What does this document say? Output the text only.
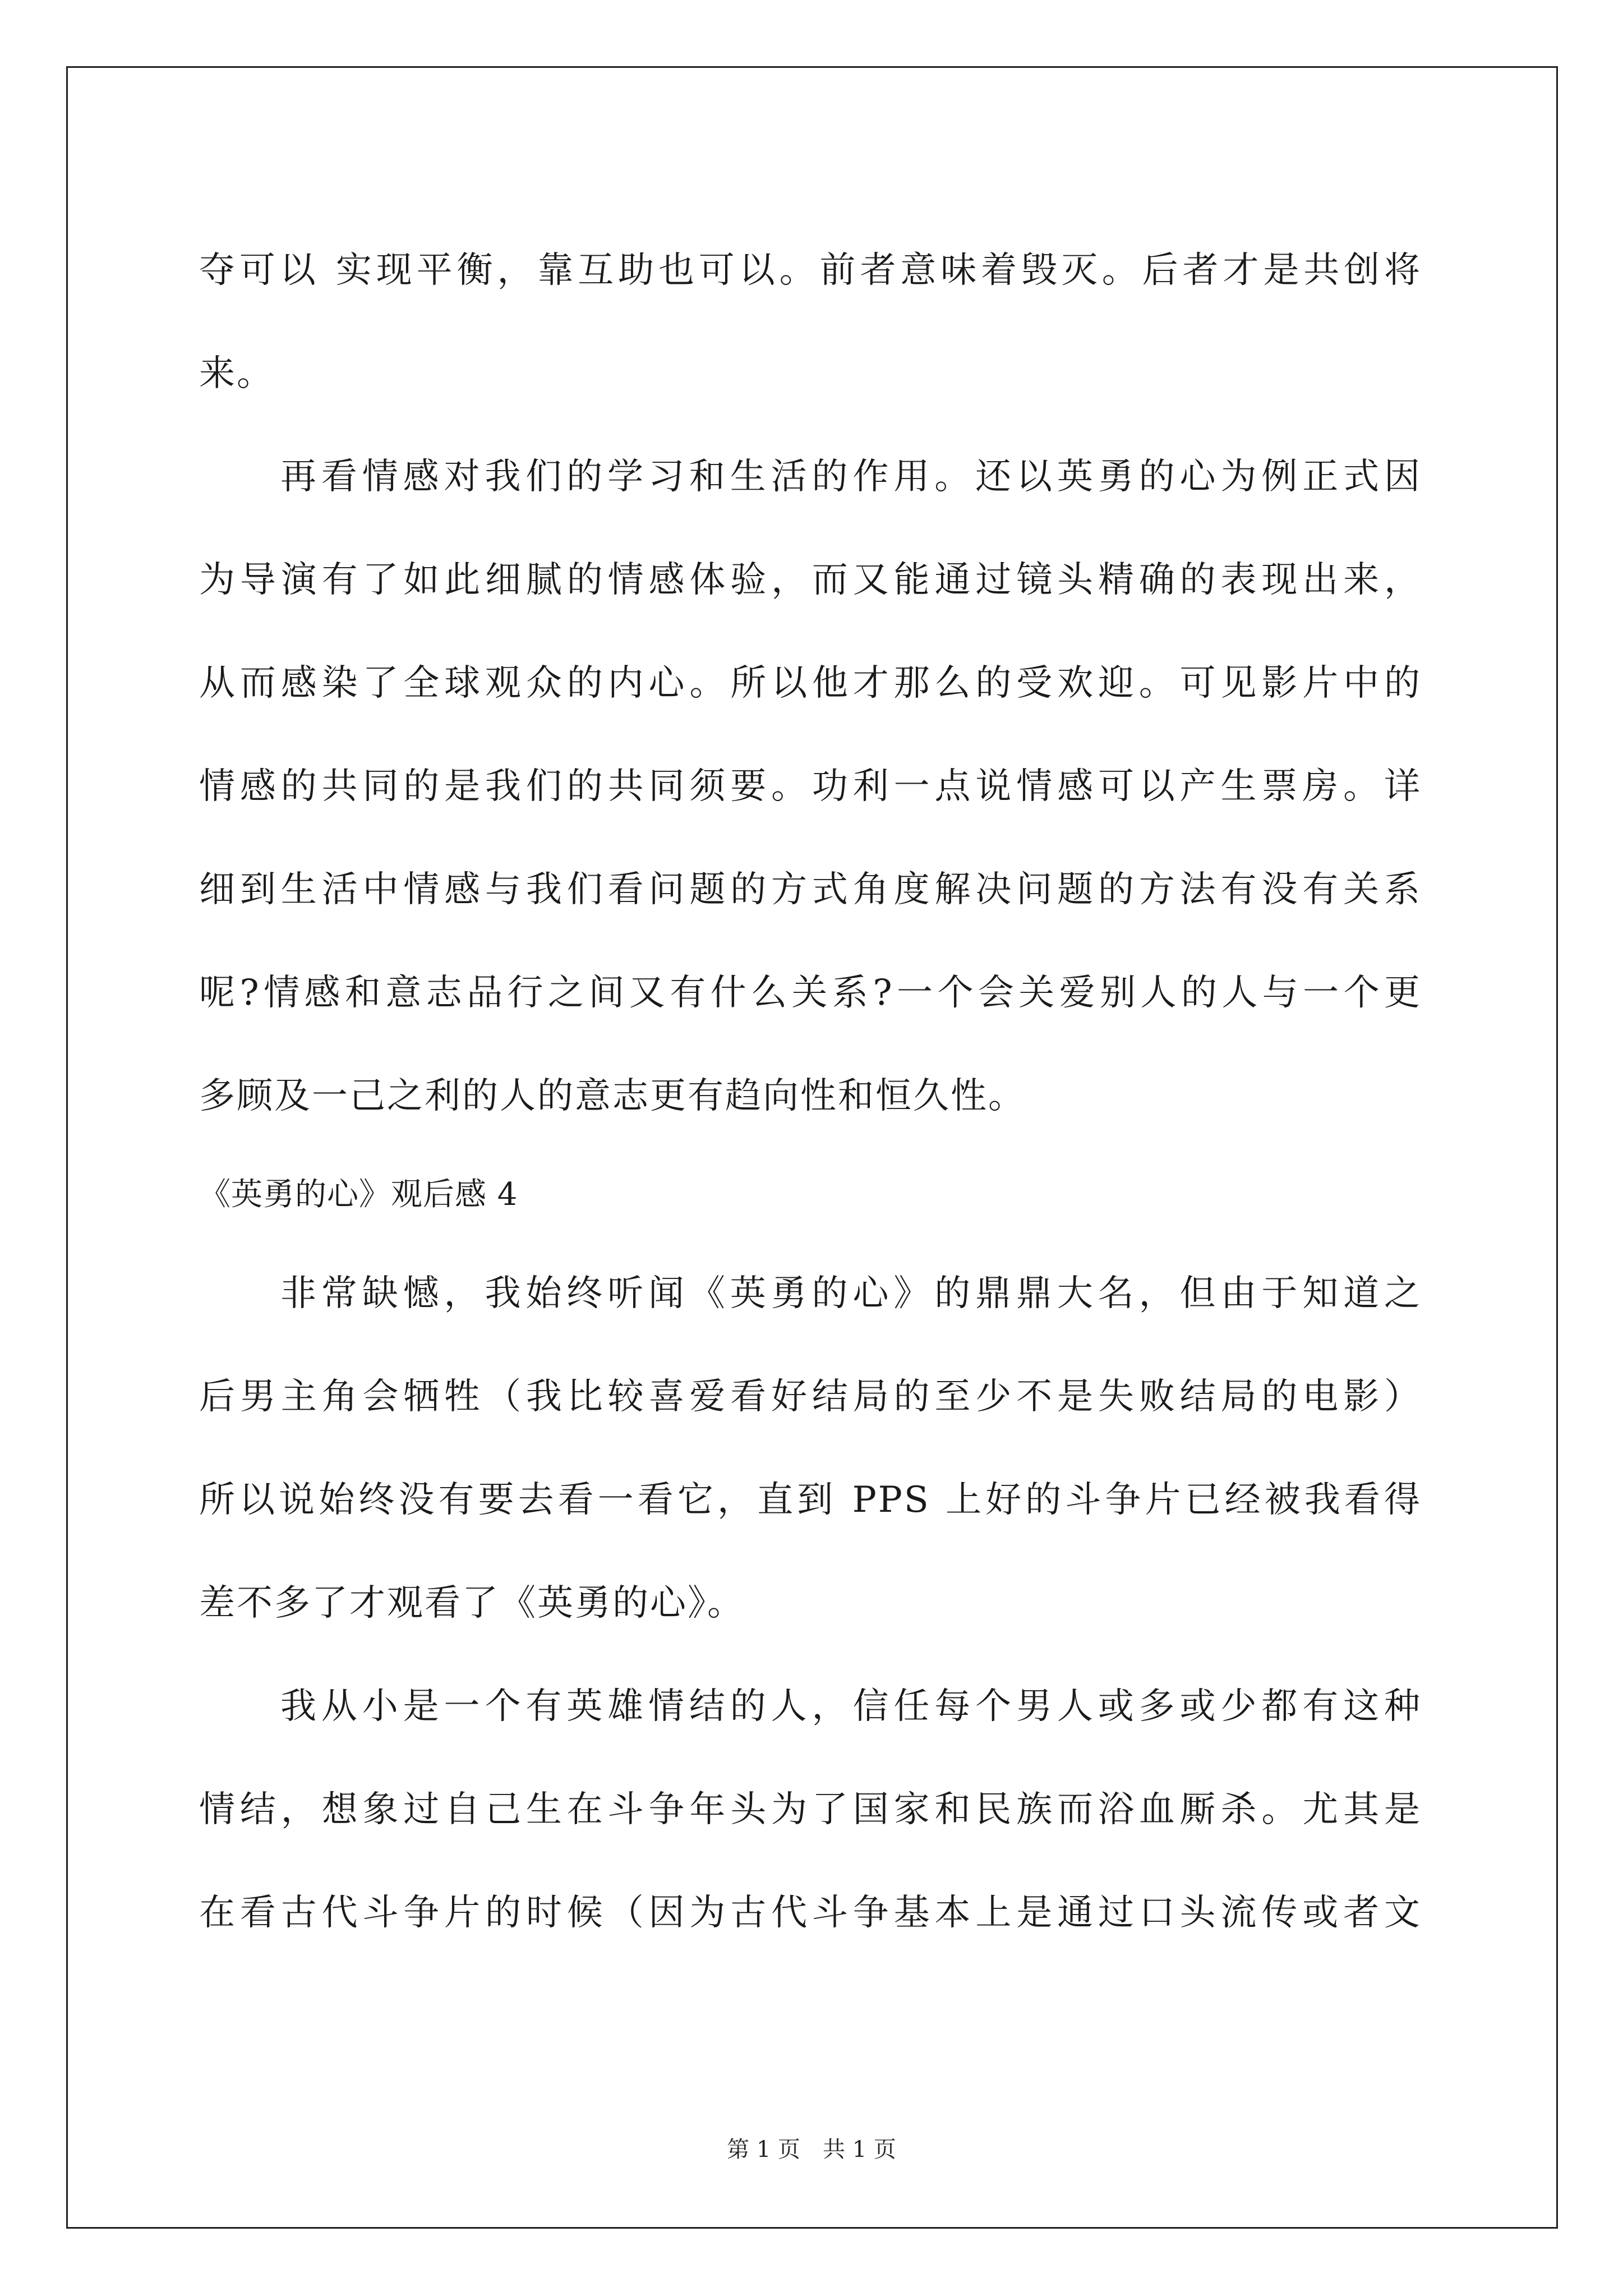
夺可以 实现平衡，靠互助也可以。前者意味着毁灭。后者才是共创将
来。
再看情感对我们的学习和生活的作用。还以英勇的心为例正式因
为导演有了如此细腻的情感体验，而又能通过镜头精确的表现出来，
从而感染了全球观众的内心。所以他才那么的受欢迎。可见影片中的
情感的共同的是我们的共同须要。功利一点说情感可以产生票房。详
细到生活中情感与我们看问题的方式角度解决问题的方法有没有关系
呢?情感和意志品行之间又有什么关系?一个会关爱别人的人与一个更
多顾及一己之利的人的意志更有趋向性和恒久性。
《英勇的心》观后感 4
非常缺憾，我始终听闻《英勇的心》的鼎鼎大名，但由于知道之
后男主角会牺牲（我比较喜爱看好结局的至少不是失败结局的电影）
所以说始终没有要去看一看它，直到 PPS 上好的斗争片已经被我看得
差不多了才观看了《英勇的心》。
我从小是一个有英雄情结的人，信任每个男人或多或少都有这种
情结，想象过自己生在斗争年头为了国家和民族而浴血厮杀。尤其是
在看古代斗争片的时候（因为古代斗争基本上是通过口头流传或者文
第 1 页　共 1 页
